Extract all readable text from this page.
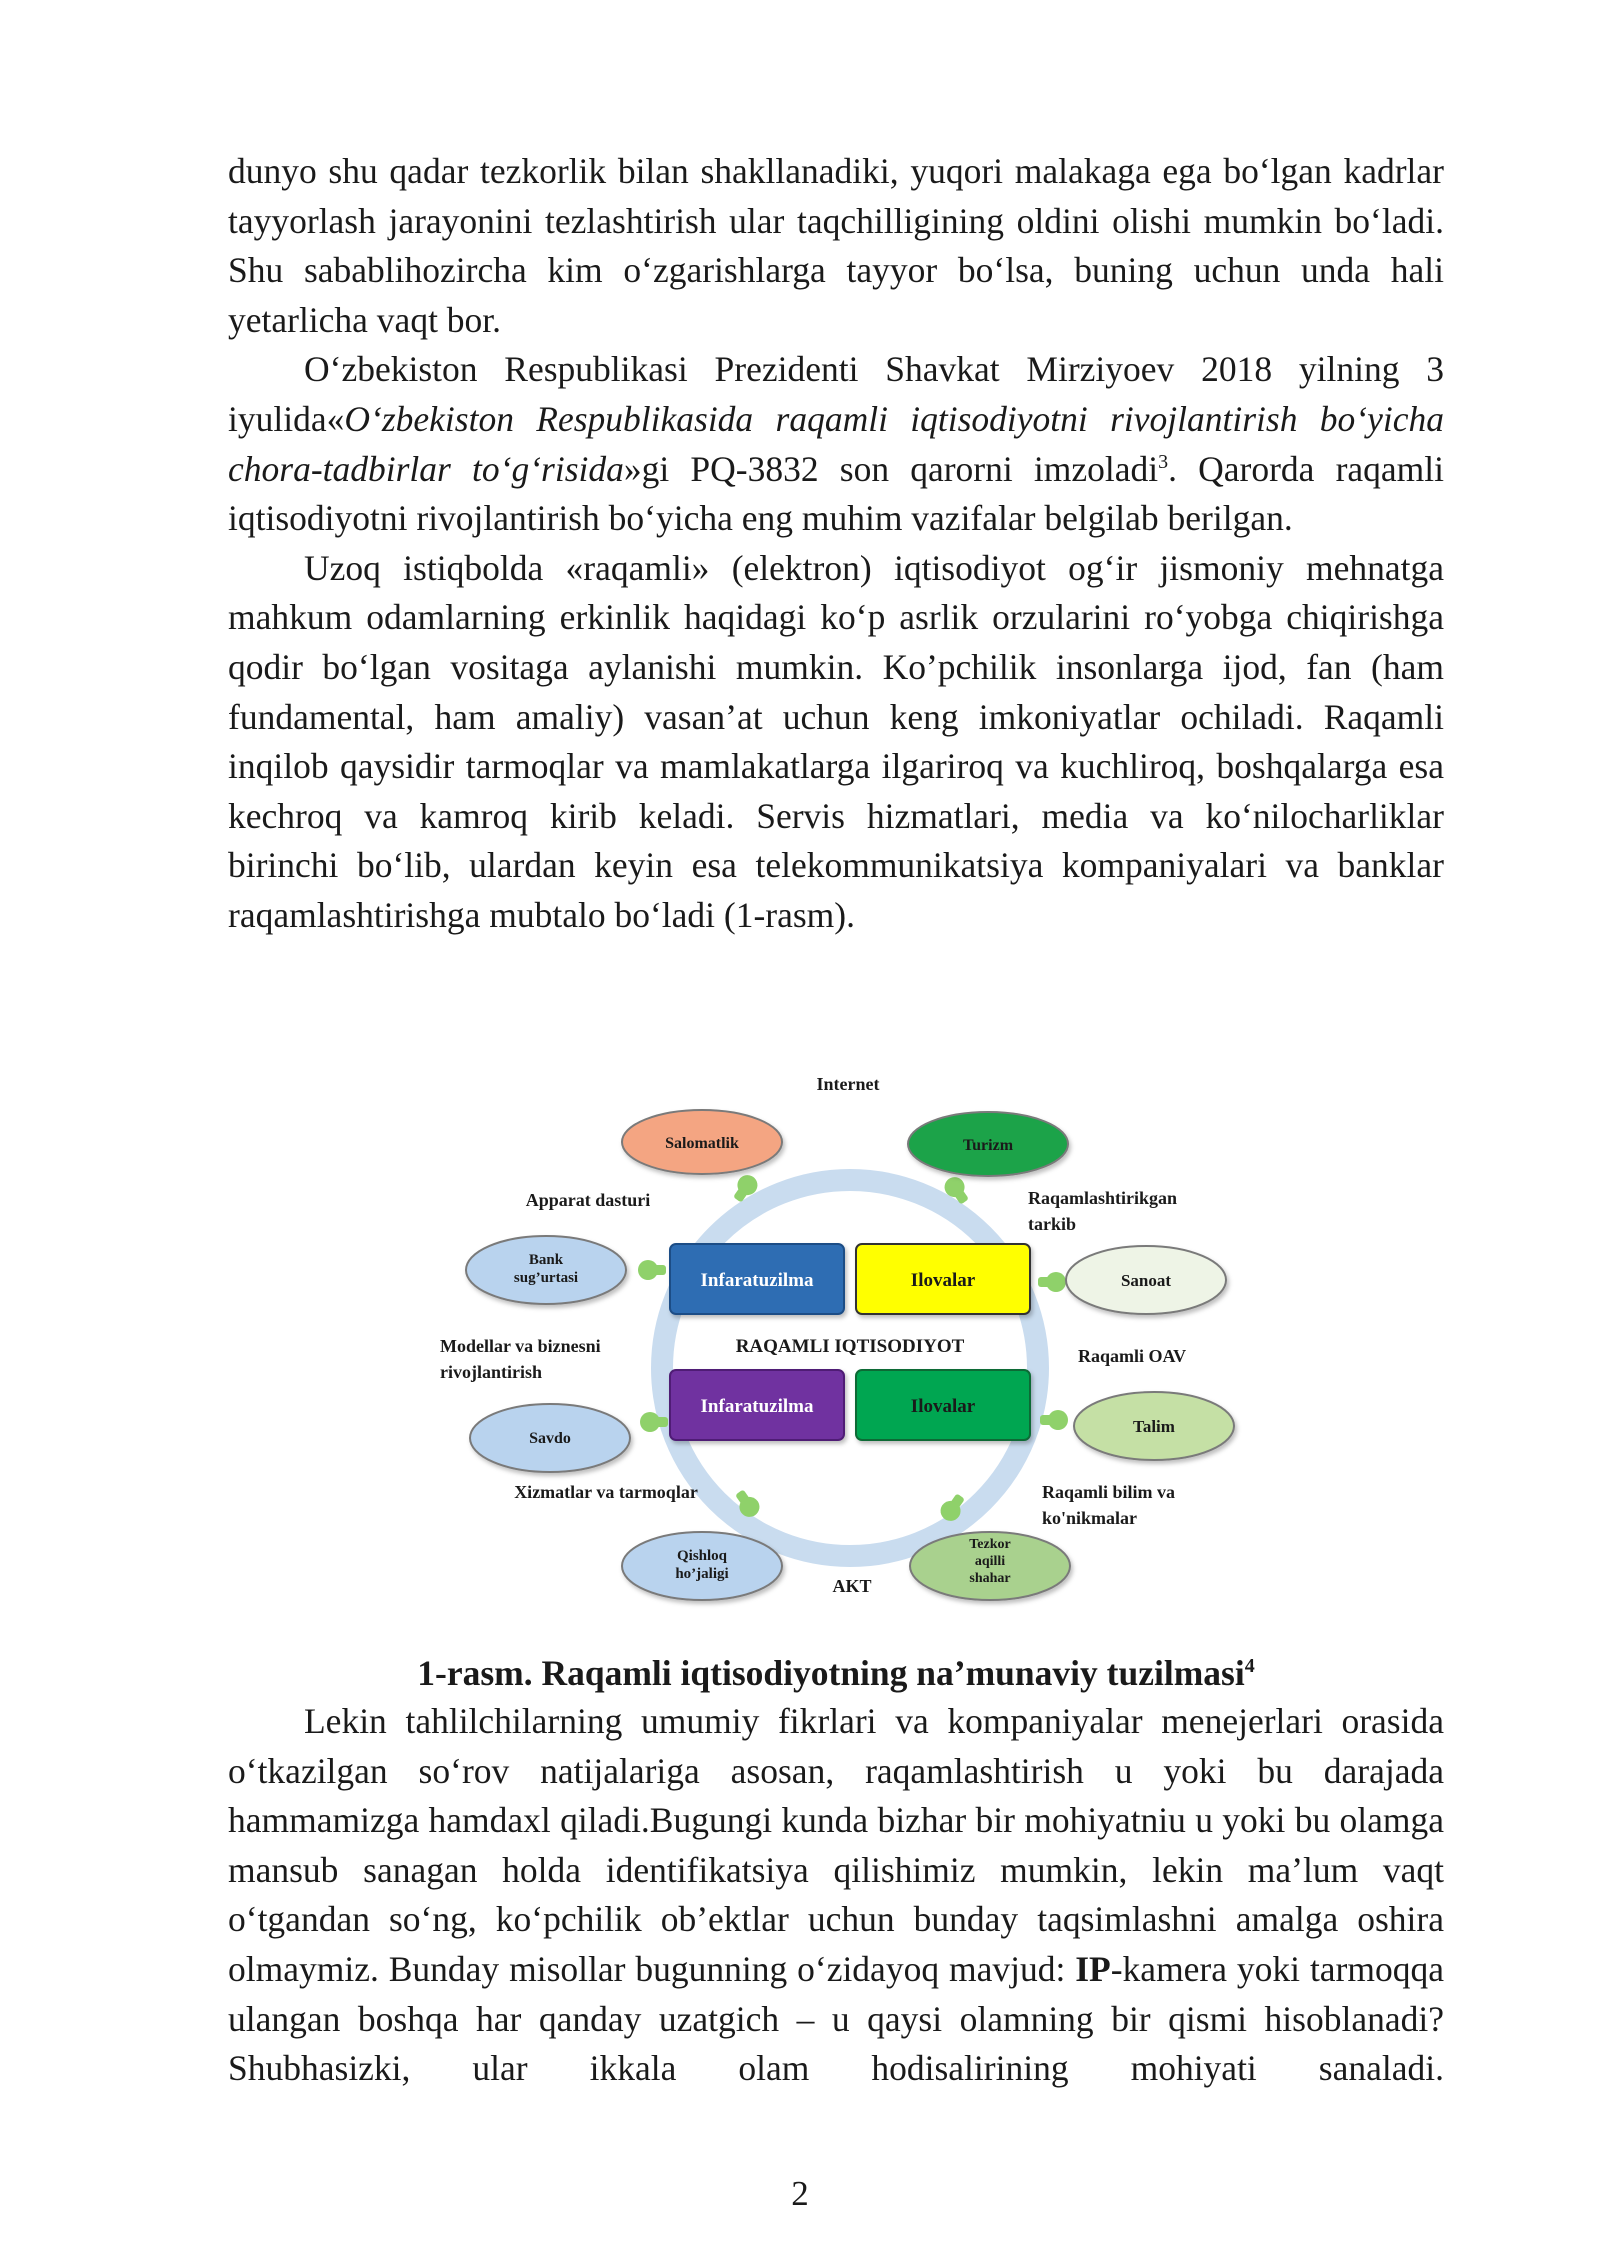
dunyo shu qadar tezkorlik bilan shakllanadiki, yuqori malakaga ega bo‘lgan kadrlar tayyorlash jarayonini tezlashtirish ular taqchilligining oldini olishi mumkin bo‘ladi. Shu sabablihozircha kim o‘zgarishlarga tayyor bo‘lsa, buning uchun unda hali yetarlicha vaqt bor.

O‘zbekiston Respublikasi Prezidenti Shavkat Mirziyoev 2018 yilning 3 iyulida«O‘zbekiston Respublikasida raqamli iqtisodiyotni rivojlantirish bo‘yicha chora-tadbirlar to‘g‘risida»gi PQ-3832 son qarorni imzoladi$^3$. Qarorda raqamli iqtisodiyotni rivojlantirish bo‘yicha eng muhim vazifalar belgilab berilgan.

Uzoq istiqbolda «raqamli» (elektron) iqtisodiyot og‘ir jismoniy mehnatga mahkum odamlarning erkinlik haqidagi ko‘p asrlik orzularini ro‘yobga chiqirishga qodir bo‘lgan vositaga aylanishi mumkin. Ko’pchilik insonlarga ijod, fan (ham fundamental, ham amaliy) vasan’at uchun keng imkoniyatlar ochiladi. Raqamli inqilob qaysidir tarmoqlar va mamlakatlarga ilgariroq va kuchliroq, boshqalarga esa kechroq va kamroq kirib keladi. Servis hizmatlari, media va ko‘nilocharliklar birinchi bo‘lib, ulardan keyin esa telekommunikatsiya kompaniyalari va banklar raqamlashtirishga mubtalo bo‘ladi (1-rasm).

Infaratuzilma	Ilovalar
RAQAMLI IQTISODIYOT
Infaratuzilma	Ilovalar
Salomatlik	Turizm
Bank sug’urtasi	Sanoat
Savdo
Talim
Qishloq ho’jaligi
Tezkor aqilli shahar
Internet
Apparat dasturi	Raqamlashtirikgan tarkib
Modellar va biznesni rivojlantirish
Raqamli OAV
Xizmatlar va tarmoqlar	Raqamli bilim va ko'nikmalar
AKT
1-rasm. Raqamli iqtisodiyotning na’munaviy tuzilmasi$^4$

Lekin tahlilchilarning umumiy fikrlari va kompaniyalar menejerlari orasida o‘tkazilgan so‘rov natijalariga asosan, raqamlashtirish u yoki bu darajada hammamizga hamdaxl qiladi.Bugungi kunda bizhar bir mohiyatniu u yoki bu olamga mansub sanagan holda identifikatsiya qilishimiz mumkin, lekin ma’lum vaqt o‘tgandan so‘ng, ko‘pchilik ob’ektlar uchun bunday taqsimlashni amalga oshira olmaymiz. Bunday misollar bugunning o‘zidayoq mavjud: IP-kamera yoki tarmoqqa ulangan boshqa har qanday uzatgich – u qaysi olamning bir qismi hisoblanadi? Shubhasizki, ular ikkala olam hodisalirining mohiyati sanaladi.

2
